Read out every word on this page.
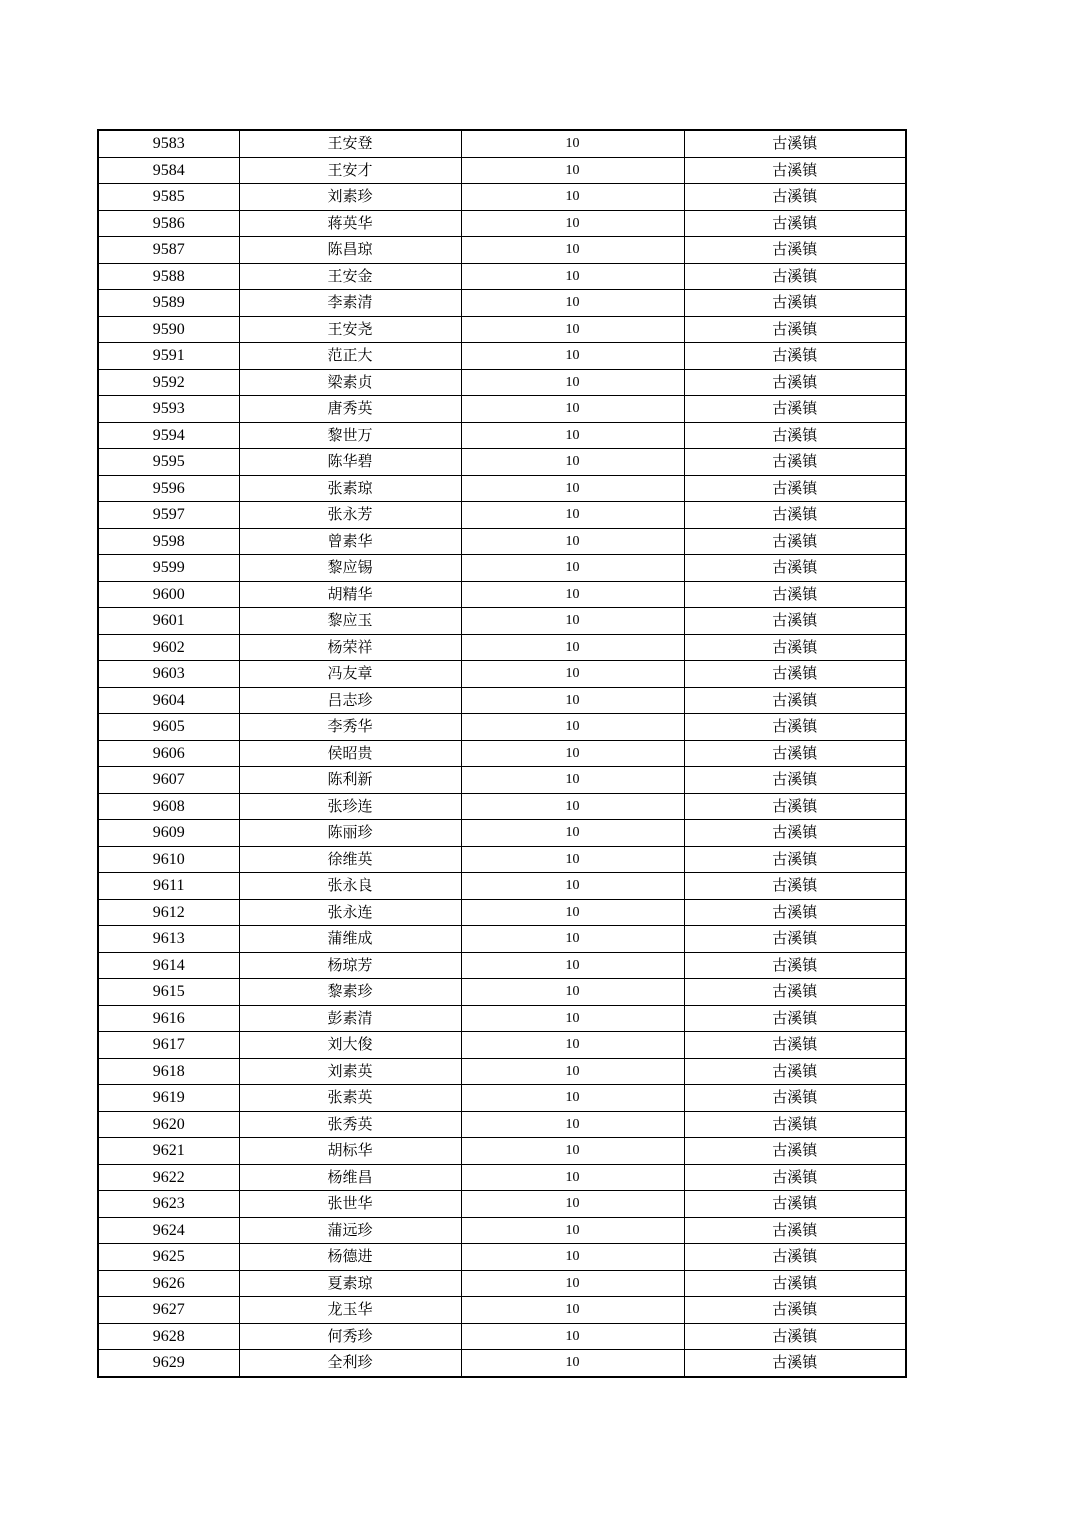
9583	王安登	10	古溪镇
9584	王安才	10	古溪镇
9585	刘素珍	10	古溪镇
9586	蒋英华	10	古溪镇
9587	陈昌琼	10	古溪镇
9588	王安金	10	古溪镇
9589	李素清	10	古溪镇
9590	王安尧	10	古溪镇
9591	范正大	10	古溪镇
9592	梁素贞	10	古溪镇
9593	唐秀英	10	古溪镇
9594	黎世万	10	古溪镇
9595	陈华碧	10	古溪镇
9596	张素琼	10	古溪镇
9597	张永芳	10	古溪镇
9598	曾素华	10	古溪镇
9599	黎应锡	10	古溪镇
9600	胡精华	10	古溪镇
9601	黎应玉	10	古溪镇
9602	杨荣祥	10	古溪镇
9603	冯友章	10	古溪镇
9604	吕志珍	10	古溪镇
9605	李秀华	10	古溪镇
9606	侯昭贵	10	古溪镇
9607	陈利新	10	古溪镇
9608	张珍连	10	古溪镇
9609	陈丽珍	10	古溪镇
9610	徐维英	10	古溪镇
9611	张永良	10	古溪镇
9612	张永连	10	古溪镇
9613	蒲维成	10	古溪镇
9614	杨琼芳	10	古溪镇
9615	黎素珍	10	古溪镇
9616	彭素清	10	古溪镇
9617	刘大俊	10	古溪镇
9618	刘素英	10	古溪镇
9619	张素英	10	古溪镇
9620	张秀英	10	古溪镇
9621	胡标华	10	古溪镇
9622	杨维昌	10	古溪镇
9623	张世华	10	古溪镇
9624	蒲远珍	10	古溪镇
9625	杨德进	10	古溪镇
9626	夏素琼	10	古溪镇
9627	龙玉华	10	古溪镇
9628	何秀珍	10	古溪镇
9629	全利珍	10	古溪镇
